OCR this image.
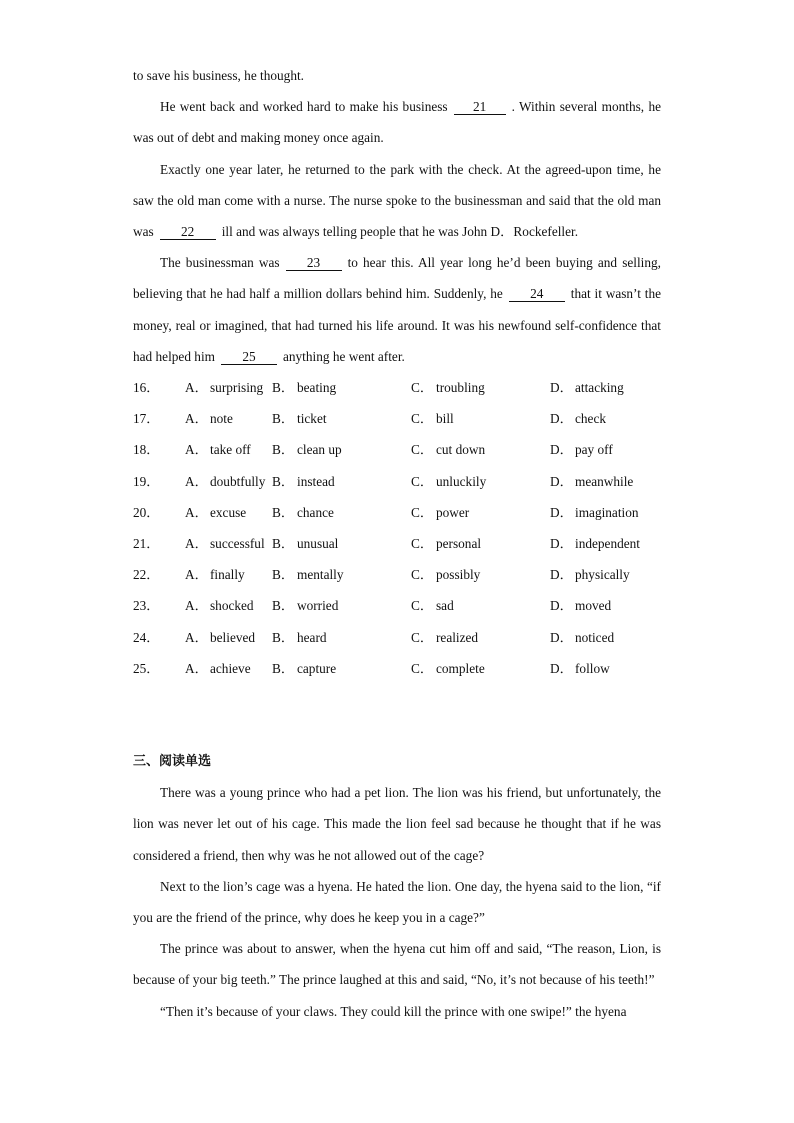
to save his business, he thought.

He went back and worked hard to make his business 21 . Within several months, he was out of debt and making money once again.

Exactly one year later, he returned to the park with the check. At the agreed-upon time, he saw the old man come with a nurse. The nurse spoke to the businessman and said that the old man was 22 ill and was always telling people that he was John D．Rockefeller.

The businessman was 23 to hear this. All year long he’d been buying and selling, believing that he had half a million dollars behind him. Suddenly, he 24 that it wasn’t the money, real or imagined, that had turned his life around. It was his newfound self-confidence that had helped him 25 anything he went after.

16．	A． surprising B． beating	C． troubling	D． attacking
17．	A． note	B． ticket	C． bill	D． check
18．	A． take off B． clean up	C． cut down	D． pay off
19．	A． doubtfully B． instead	C． unluckily	D． meanwhile
20．	A． excuse B． chance	C． power	D． imagination
21．	A． successful B． unusual	C． personal	D． independent
22．	A． finally B． mentally	C． possibly	D． physically
23．	A． shocked B． worried	C． sad	D． moved
24．	A． believed B． heard	C． realized	D． noticed
25．	A． achieve B． capture	C． complete	D． follow
三、阅读单选

There was a young prince who had a pet lion. The lion was his friend, but unfortunately, the lion was never let out of his cage. This made the lion feel sad because he thought that if he was considered a friend, then why was he not allowed out of the cage?

Next to the lion’s cage was a hyena. He hated the lion. One day, the hyena said to the lion, “if you are the friend of the prince, why does he keep you in a cage?”

The prince was about to answer, when the hyena cut him off and said, “The reason, Lion, is because of your big teeth.” The prince laughed at this and said, “No, it’s not because of his teeth!”

“Then it’s because of your claws. They could kill the prince with one swipe!” the hyena
